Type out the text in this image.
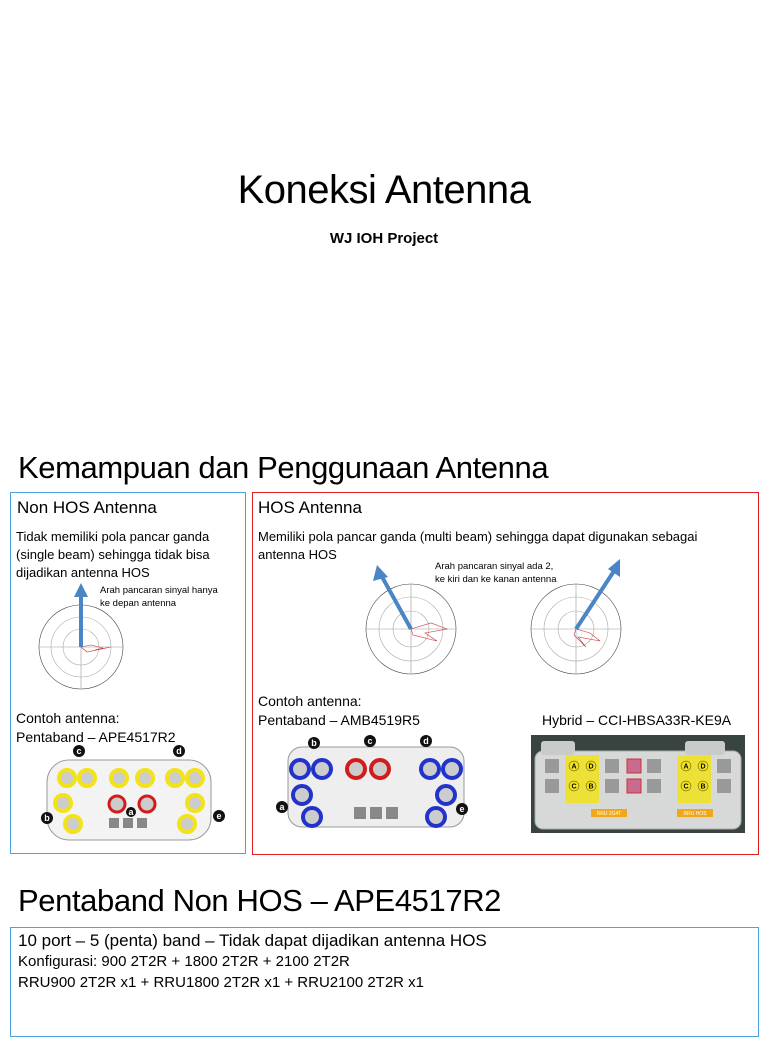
Koneksi Antenna
WJ IOH Project
Kemampuan dan Penggunaan Antenna
Non HOS Antenna
Tidak memiliki pola pancar ganda
(single beam) sehingga tidak bisa
dijadikan antenna HOS
Arah pancaran sinyal hanya
ke depan antenna
Contoh antenna:
Pentaband – APE4517R2
c	d
b	e
a
HOS Antenna
Memiliki pola pancar ganda (multi beam) sehingga dapat digunakan sebagai
antenna HOS
Arah pancaran sinyal ada 2,
ke kiri dan ke kanan antenna
Contoh antenna:
Pentaband – AMB4519R5	Hybrid – CCI-HBSA33R-KE9A
b	c	d
a	e
A D
C B
A D
C B
RRU 2G4T	RRU HOS
Pentaband Non HOS – APE4517R2
10 port – 5 (penta) band – Tidak dapat dijadikan antenna HOS
Konfigurasi: 900 2T2R + 1800 2T2R + 2100 2T2R
RRU900 2T2R x1 + RRU1800 2T2R x1 + RRU2100 2T2R x1
